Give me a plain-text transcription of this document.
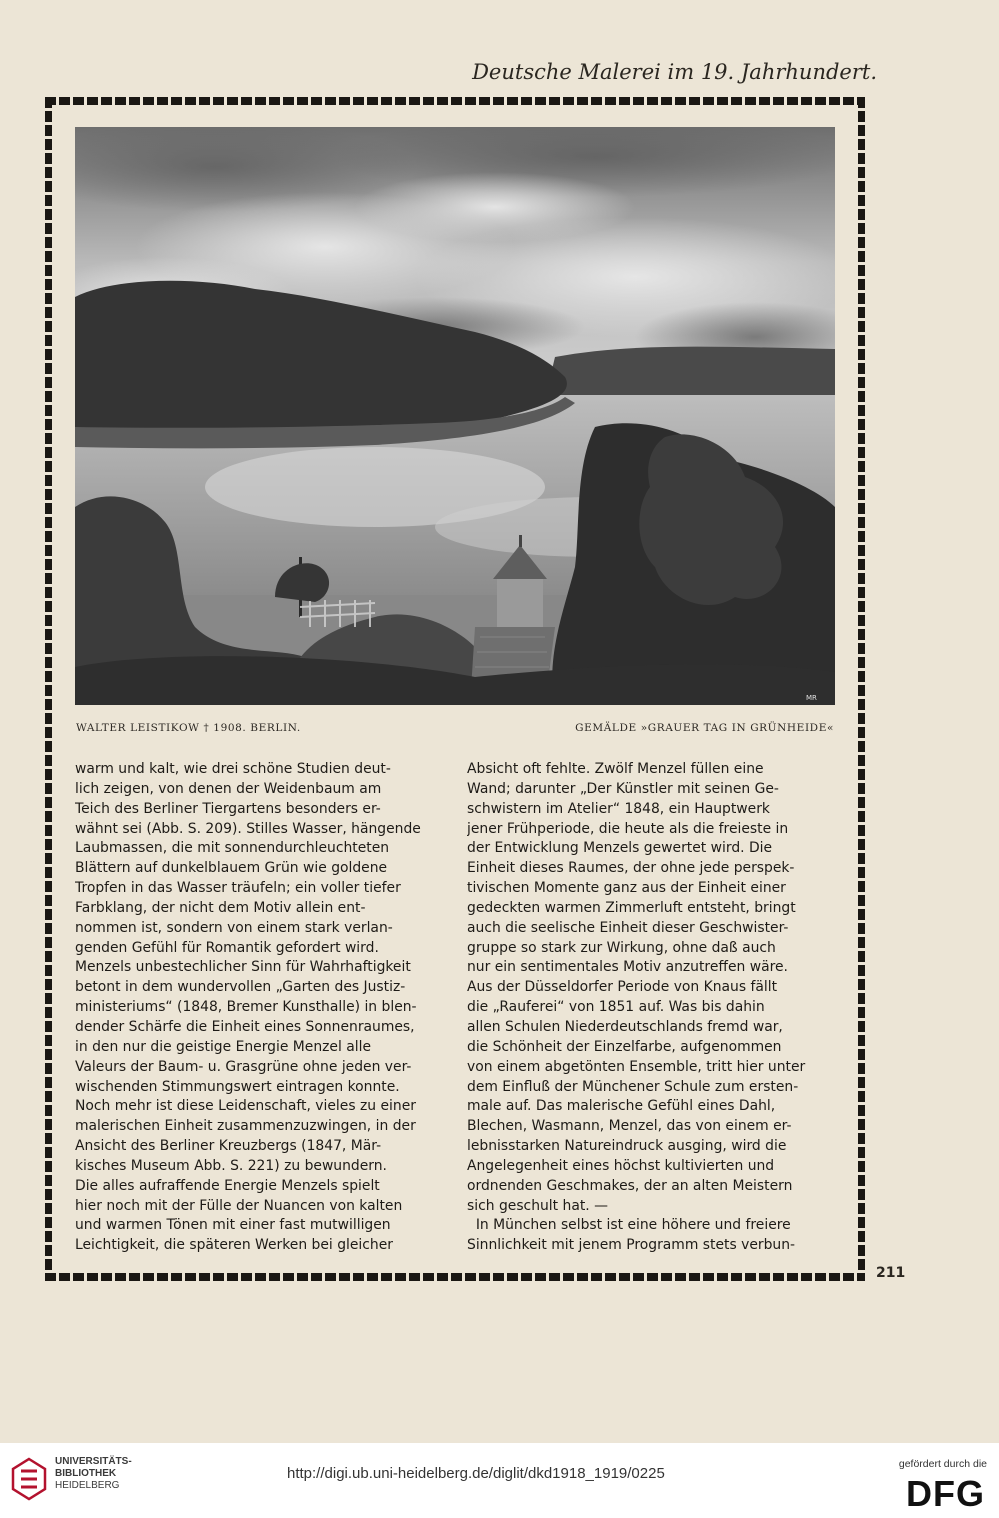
Deutsche Malerei im 19. Jahrhundert.
MR
WALTER LEISTIKOW † 1908. BERLIN.	GEMÄLDE »GRAUER TAG IN GRÜNHEIDE«
warm und kalt, wie drei schöne Studien deut-
lich zeigen, von denen der Weidenbaum am
Teich des Berliner Tiergartens besonders er-
wähnt sei (Abb. S. 209). Stilles Wasser, hängende
Laubmassen, die mit sonnendurchleuchteten
Blättern auf dunkelblauem Grün wie goldene
Tropfen in das Wasser träufeln; ein voller tiefer
Farbklang, der nicht dem Motiv allein ent-
nommen ist, sondern von einem stark verlan-
genden Gefühl für Romantik gefordert wird.
Menzels unbestechlicher Sinn für Wahrhaftigkeit
betont in dem wundervollen „Garten des Justiz-
ministeriums“ (1848, Bremer Kunsthalle) in blen-
dender Schärfe die Einheit eines Sonnenraumes,
in den nur die geistige Energie Menzel alle
Valeurs der Baum- u. Grasgrüne ohne jeden ver-
wischenden Stimmungswert eintragen konnte.
Noch mehr ist diese Leidenschaft, vieles zu einer
malerischen Einheit zusammenzuzwingen, in der
Ansicht des Berliner Kreuzbergs (1847, Mär-
kisches Museum Abb. S. 221) zu bewundern.
Die alles aufraffende Energie Menzels spielt
hier noch mit der Fülle der Nuancen von kalten
und warmen Tönen mit einer fast mutwilligen
Leichtigkeit, die späteren Werken bei gleicher
Absicht oft fehlte. Zwölf Menzel füllen eine
Wand; darunter „Der Künstler mit seinen Ge-
schwistern im Atelier“ 1848, ein Hauptwerk
jener Frühperiode, die heute als die freieste in
der Entwicklung Menzels gewertet wird. Die
Einheit dieses Raumes, der ohne jede perspek-
tivischen Momente ganz aus der Einheit einer
gedeckten warmen Zimmerluft entsteht, bringt
auch die seelische Einheit dieser Geschwister-
gruppe so stark zur Wirkung, ohne daß auch
nur ein sentimentales Motiv anzutreffen wäre.
Aus der Düsseldorfer Periode von Knaus fällt
die „Rauferei“ von 1851 auf. Was bis dahin
allen Schulen Niederdeutschlands fremd war,
die Schönheit der Einzelfarbe, aufgenommen
von einem abgetönten Ensemble, tritt hier unter
dem Einfluß der Münchener Schule zum ersten-
male auf. Das malerische Gefühl eines Dahl,
Blechen, Wasmann, Menzel, das von einem er-
lebnisstarken Natureindruck ausging, wird die
Angelegenheit eines höchst kultivierten und
ordnenden Geschmakes, der an alten Meistern
sich geschult hat. —
In München selbst ist eine höhere und freiere
Sinnlichkeit mit jenem Programm stets verbun-
211
UNIVERSITÄTS-
BIBLIOTHEK
HEIDELBERG
http://digi.ub.uni-heidelberg.de/diglit/dkd1918_1919/0225
gefördert durch die
DFG
